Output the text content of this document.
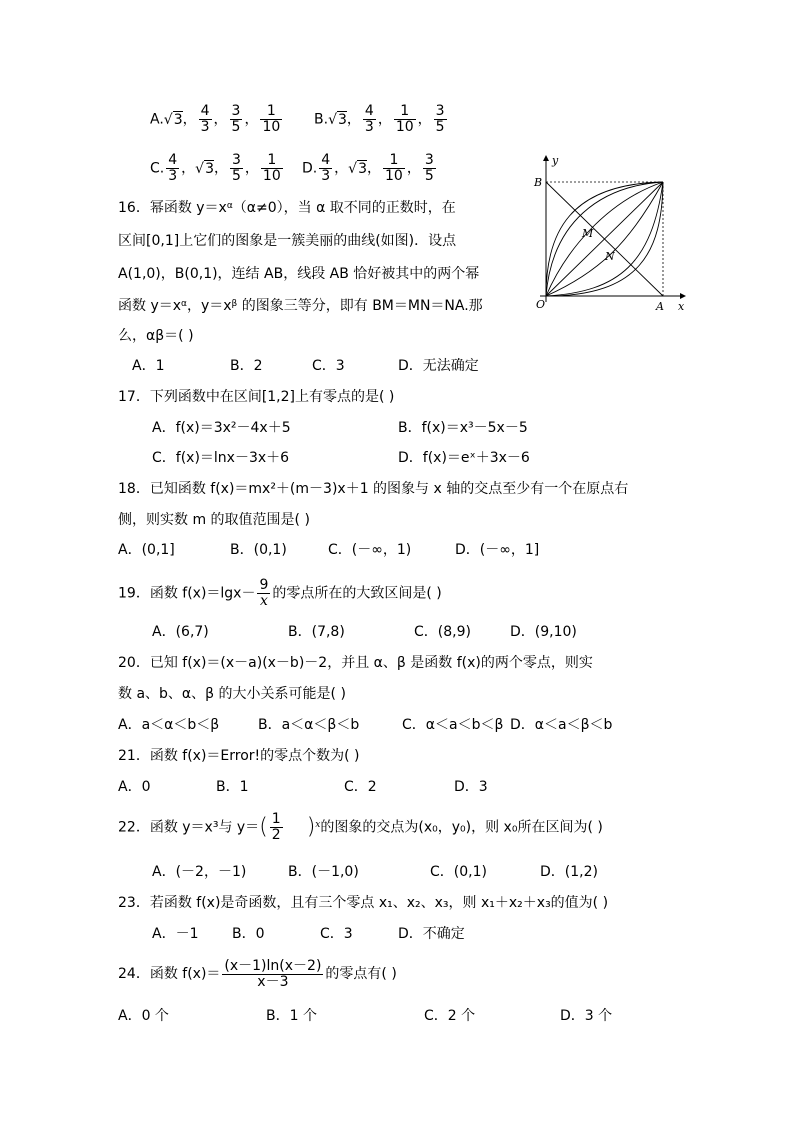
A.√3， $\frac{4}{3}$ ， $\frac{3}{5}$ ， $\frac{1}{10} B.√3$， $\frac{4}{3}$ ， $\frac{1}{10}$ ， $\frac{3}{5}$
C. $\frac{4}{3}$ ，√3， $\frac{3}{5}$ ， $\frac{1}{10} D$. $\frac{4}{3}$ ，√3， $\frac{1}{10}$ ， $\frac{3}{5}$
16．幂函数 $y=x^\alpha(\alpha\ne 0)$，当 α 取不同的正数时，在
区间[0,1]上它们的图象是一簇美丽的曲线(如图)．设点
A(1,0)，B(0,1)，连结 AB，线段 AB 恰好被其中的两个幂
函数 $y=x^\alpha$，$y=x^\beta$ 的图象三等分，即有 BM＝MN＝NA.那
么，αβ＝( )
A．1	B．2	C．3	D．无法确定
y
x
B
O	A
M
N
17．下列函数中在区间[1,2]上有零点的是( )
A．f(x)＝3x²－4x＋5	B．f(x)＝x³－5x－5
C．f(x)＝lnx－3x＋6	D．f(x)＝eˣ＋3x－6
18．已知函数 f(x)＝mx²＋(m－3)x＋1 的图象与 x 轴的交点至少有一个在原点右
侧，则实数 m 的取值范围是( )
A．(0,1]	B．(0,1)	C．(－∞，1)	D．(－∞，1]
19．函数 $f(x)=\lg x- \frac{9}{x}$ 的零点所在的大致区间是( )
A．(6,7)	B．(7,8)	C．(8,9)	D．(9,10)
20．已知 f(x)＝(x－a)(x－b)－2，并且 α、β 是函数 f(x)的两个零点，则实
数 a、b、α、β 的大小关系可能是( )
A．a＜α＜b＜β	B．a＜α＜β＜b	C．α＜a＜b＜β D．α＜a＜β＜b
21．函数 f(x)＝Error!的零点个数为( )
A．0	B．1	C．2	D．3
22．函数 y＝x³与 $y=( \frac{1}{2} )^x$的图象的交点为(x₀，y₀)，则 x₀所在区间为( )
A．(－2，－1)	B．(－1,0)	C．(0,1)	D．(1,2)
23．若函数 f(x)是奇函数，且有三个零点 x₁、x₂、x₃，则 x₁＋x₂＋x₃的值为( )
A．－1 B．0	C．3	D．不确定
24．函数 $f(x)= \frac{(x-1)\ln(x-2)}{x-3}$ 的零点有( )
A．0 个	B．1 个	C．2 个	D．3 个
